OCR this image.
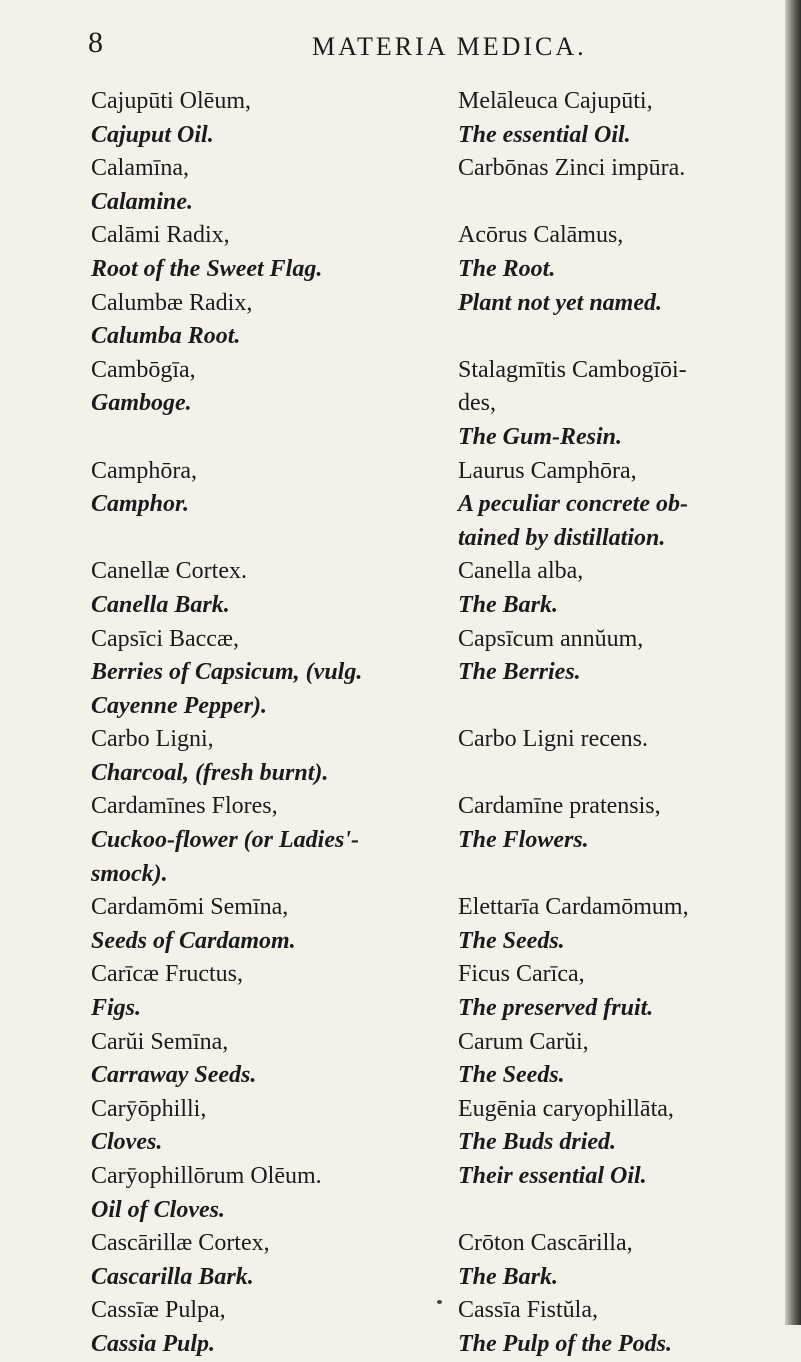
8	MATERIA MEDICA.
Cajupūti Olēum,
Cajuput Oil.
Calamīna,
Calamine.
Calāmi Radix,
Root of the Sweet Flag.
Calumbæ Radix,
Calumba Root.
Cambōgīa,
Gamboge.
Camphōra,
Camphor.
Canellæ Cortex.
Canella Bark.
Capsīci Baccæ,
Berries of Capsicum, (vulg.
Cayenne Pepper).
Carbo Ligni,
Charcoal, (fresh burnt).
Cardamīnes Flores,
Cuckoo-flower (or Ladies'-
smock).
Cardamōmi Semīna,
Seeds of Cardamom.
Carīcæ Fructus,
Figs.
Carŭi Semīna,
Carraway Seeds.
Carȳōphilli,
Cloves.
Carȳophillōrum Olēum.
Oil of Cloves.
Cascārillæ Cortex,
Cascarilla Bark.
Cassīæ Pulpa,
Cassia Pulp.
Melāleuca Cajupūti,
The essential Oil.
Carbōnas Zinci impūra.
Acōrus Calāmus,
The Root.
Plant not yet named.
Stalagmītis Cambogīōi-
des,
The Gum-Resin.
Laurus Camphōra,
A peculiar concrete ob-
tained by distillation.
Canella alba,
The Bark.
Capsīcum annŭum,
The Berries.
Carbo Ligni recens.
Cardamīne pratensis,
The Flowers.
Elettarīa Cardamōmum,
The Seeds.
Ficus Carīca,
The preserved fruit.
Carum Carŭi,
The Seeds.
Eugēnia caryophillāta,
The Buds dried.
Their essential Oil.
Crōton Cascārilla,
The Bark.
Cassīa Fistŭla,
The Pulp of the Pods.
